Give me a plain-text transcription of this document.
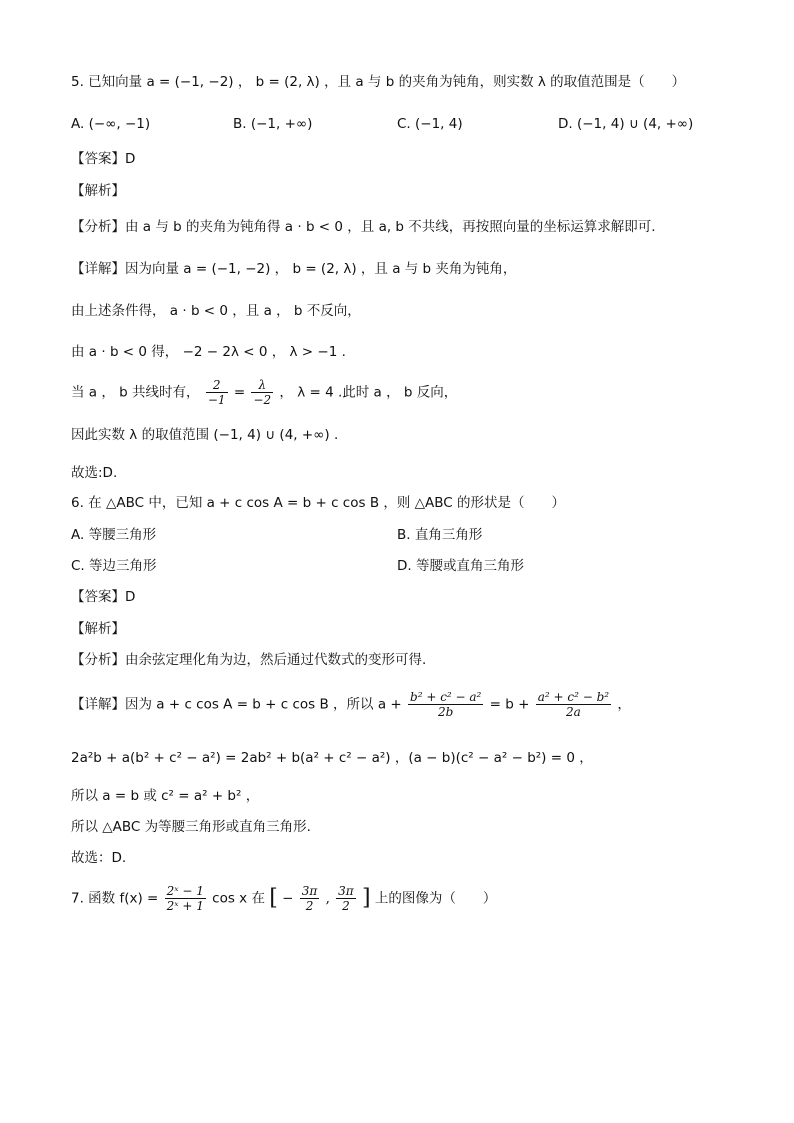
5. 已知向量 a = (−1, −2) ， b = (2, λ) ，且 a 与 b 的夹角为钝角，则实数 λ 的取值范围是（　　）
A. (−∞, −1)	B. (−1, +∞)	C. (−1, 4)	D. (−1, 4) ∪ (4, +∞)
【答案】D
【解析】
【分析】由 a 与 b 的夹角为钝角得 a · b < 0 ，且 a, b 不共线，再按照向量的坐标运算求解即可.
【详解】因为向量 a = (−1, −2) ， b = (2, λ) ，且 a 与 b 夹角为钝角，
由上述条件得， a · b < 0 ，且 a ， b 不反向，
由 a · b < 0 得， −2 − 2λ < 0 ， λ > −1 .
当 a ， b 共线时有， $\frac{2}{-1} = \frac{\lambda}{-2}$ ， λ = 4 .此时 a ， b 反向，
因此实数 λ 的取值范围 (−1, 4) ∪ (4, +∞) .
故选:D.
6. 在 △ABC 中，已知 a + c cos A = b + c cos B ，则 △ABC 的形状是（　　）
A. 等腰三角形	B. 直角三角形
C. 等边三角形	D. 等腰或直角三角形
【答案】D
【解析】
【分析】由余弦定理化角为边，然后通过代数式的变形可得.
【详解】因为 a + c cos A = b + c cos B ，所以 $a + \frac{\text{b² + c² − a²}}{2b} = b + \frac{\text{a² + c² − b²}}{2a}$ ，
2a²b + a(b² + c² − a²) = 2ab² + b(a² + c² − a²) ，(a − b)(c² − a² − b²) = 0 ，
所以 a = b 或 c² = a² + b² ，
所以 △ABC 为等腰三角形或直角三角形.
故选：D.
7. 函数 $f(x) = \frac{\text{2ˣ − 1}}{\text{2ˣ + 1}}$ cos x 在 [ − $\frac{3\pi}{2}$ , $\frac{3\pi}{2}$ ] 上的图像为（　　）
